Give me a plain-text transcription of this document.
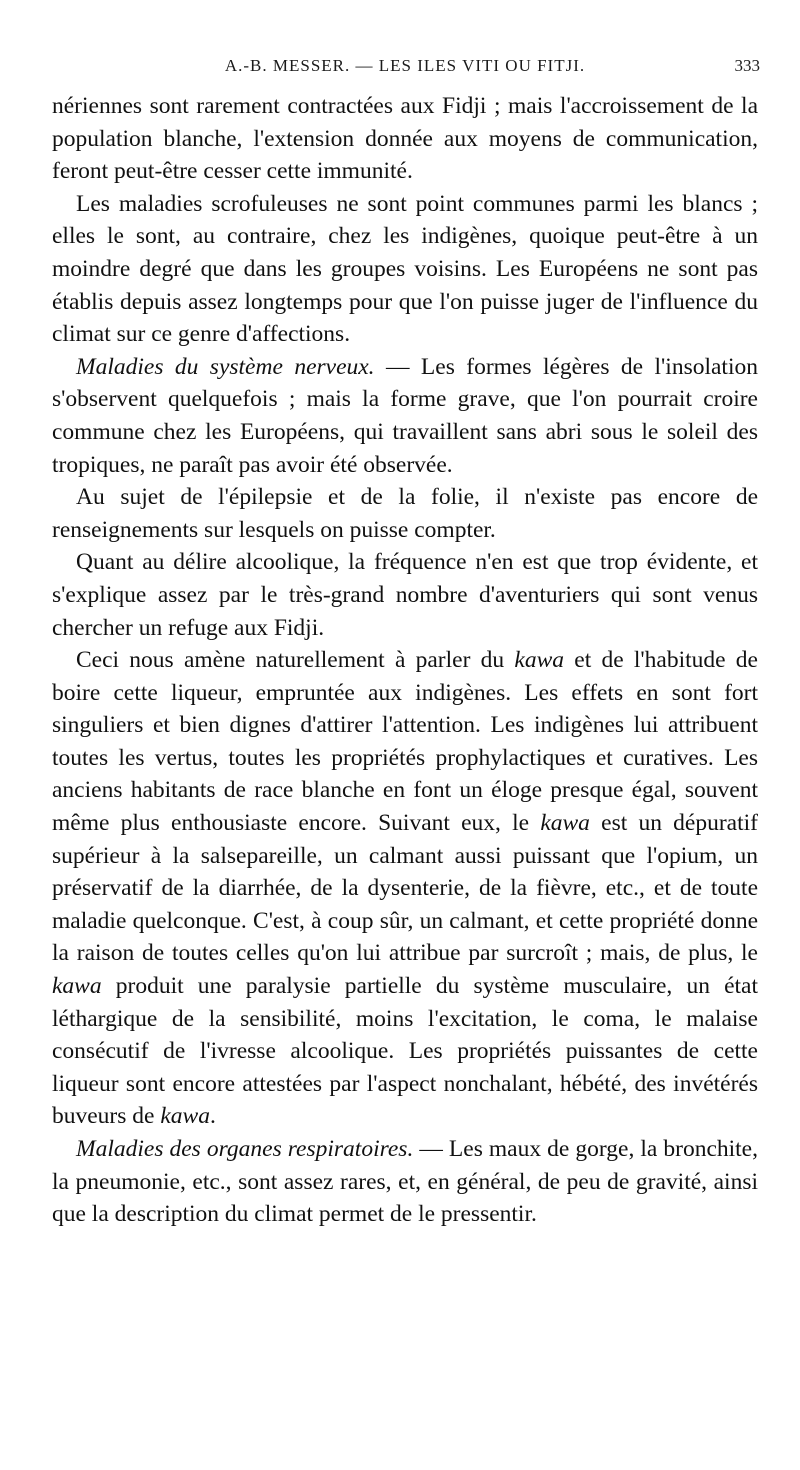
A.-B. MESSER. — LES ILES VITI OU FITJI.	333

nériennes sont rarement contractées aux Fidji ; mais l'accroissement de la population blanche, l'extension donnée aux moyens de communication, feront peut-être cesser cette immunité.

Les maladies scrofuleuses ne sont point communes parmi les blancs ; elles le sont, au contraire, chez les indigènes, quoique peut-être à un moindre degré que dans les groupes voisins. Les Européens ne sont pas établis depuis assez longtemps pour que l'on puisse juger de l'influence du climat sur ce genre d'affections.

Maladies du système nerveux. — Les formes légères de l'insolation s'observent quelquefois ; mais la forme grave, que l'on pourrait croire commune chez les Européens, qui travaillent sans abri sous le soleil des tropiques, ne paraît pas avoir été observée.

Au sujet de l'épilepsie et de la folie, il n'existe pas encore de renseignements sur lesquels on puisse compter.

Quant au délire alcoolique, la fréquence n'en est que trop évidente, et s'explique assez par le très-grand nombre d'aventuriers qui sont venus chercher un refuge aux Fidji.

Ceci nous amène naturellement à parler du kawa et de l'habitude de boire cette liqueur, empruntée aux indigènes. Les effets en sont fort singuliers et bien dignes d'attirer l'attention. Les indigènes lui attribuent toutes les vertus, toutes les propriétés prophylactiques et curatives. Les anciens habitants de race blanche en font un éloge presque égal, souvent même plus enthousiaste encore. Suivant eux, le kawa est un dépuratif supérieur à la salsepareille, un calmant aussi puissant que l'opium, un préservatif de la diarrhée, de la dysenterie, de la fièvre, etc., et de toute maladie quelconque. C'est, à coup sûr, un calmant, et cette propriété donne la raison de toutes celles qu'on lui attribue par surcroît ; mais, de plus, le kawa produit une paralysie partielle du système musculaire, un état léthargique de la sensibilité, moins l'excitation, le coma, le malaise consécutif de l'ivresse alcoolique. Les propriétés puissantes de cette liqueur sont encore attestées par l'aspect nonchalant, hébété, des invétérés buveurs de kawa.

Maladies des organes respiratoires. — Les maux de gorge, la bronchite, la pneumonie, etc., sont assez rares, et, en général, de peu de gravité, ainsi que la description du climat permet de le pressentir.
